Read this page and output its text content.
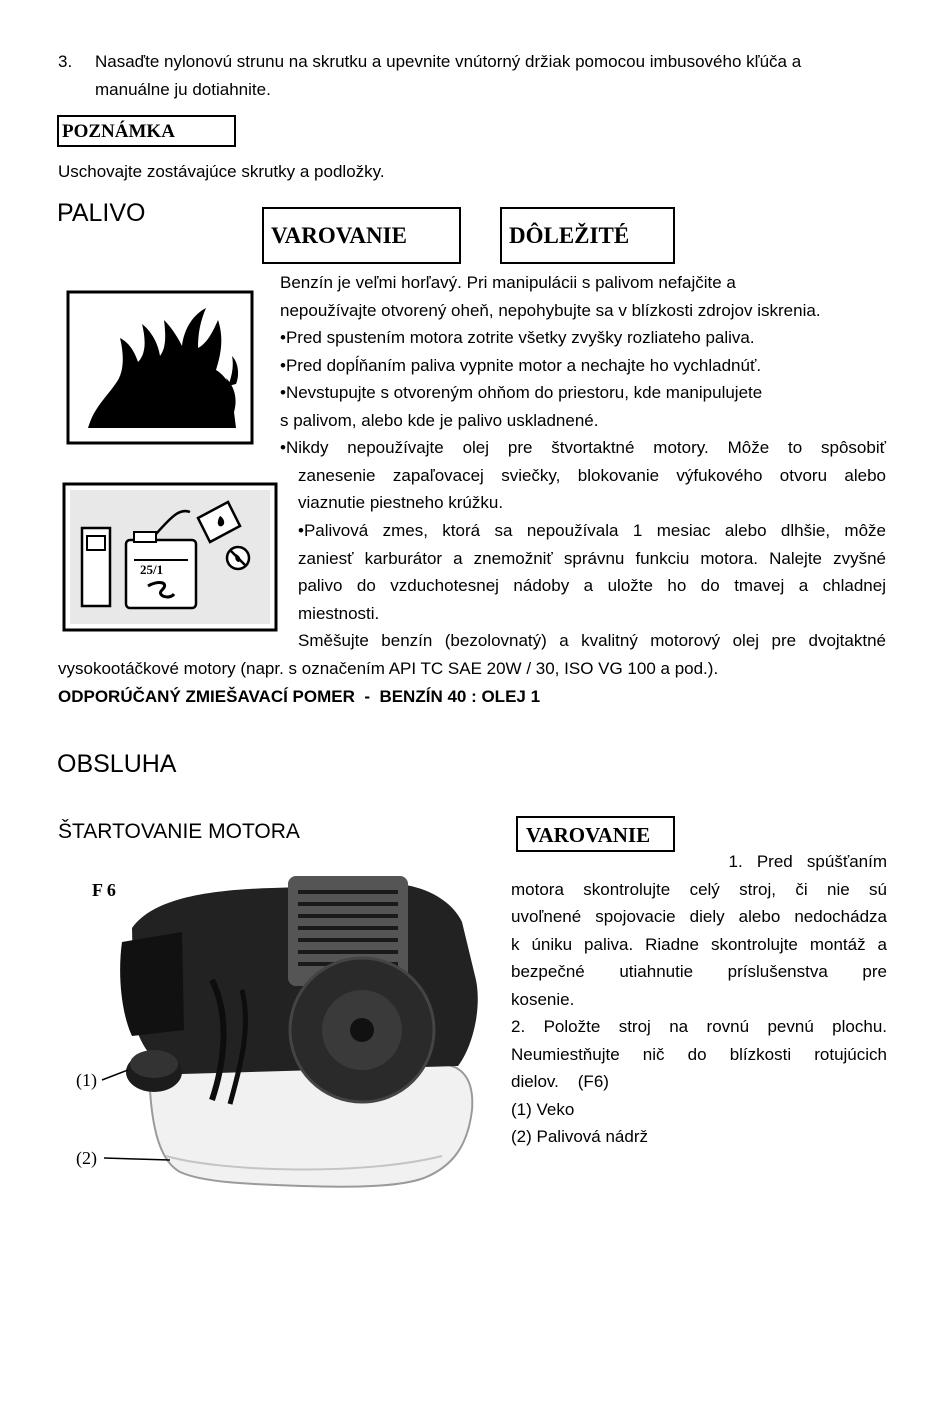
3. Nasaďte nylonovú strunu na skrutku a upevnite vnútorný držiak pomocou imbusového kľúča a
manuálne ju dotiahnite.
POZNÁMKA
Uschovajte zostávajúce skrutky a podložky.
PALIVO
VAROVANIE	DÔLEŽITÉ
25/1
Benzín je veľmi horľavý. Pri manipulácii s palivom nefajčite a
nepoužívajte otvorený oheň, nepohybujte sa v blízkosti zdrojov iskrenia.
•Pred spustením motora zotrite všetky zvyšky rozliateho paliva.
•Pred dopĺňaním paliva vypnite motor a nechajte ho vychladnúť.
•Nevstupujte s otvoreným ohňom do priestoru, kde manipulujete
s palivom, alebo kde je palivo uskladnené.
•Nikdy nepoužívajte olej pre štvortaktné motory. Môže to spôsobiť
zanesenie zapaľovacej sviečky, blokovanie výfukového otvoru alebo
viaznutie piestneho krúžku.
•Palivová zmes, ktorá sa nepoužívala 1 mesiac alebo dlhšie, môže
zaniesť karburátor a znemožniť správnu funkciu motora. Nalejte zvyšné
palivo do vzduchotesnej nádoby a uložte ho do tmavej a chladnej
miestnosti.
Směšujte benzín (bezolovnatý) a kvalitný motorový olej pre dvojtaktné
vysokootáčkové motory (napr. s označením API TC SAE 20W / 30, ISO VG 100 a pod.).
ODPORÚČANÝ ZMIEŠAVACÍ POMER  -  BENZÍN 40 : OLEJ 1
OBSLUHA
ŠTARTOVANIE MOTORA	VAROVANIE
F 6
(1)
(2)
1.   Pred   spúšťaním
motora skontrolujte celý stroj, či nie sú
uvoľnené spojovacie diely alebo nedochádza
k úniku paliva. Riadne skontrolujte montáž a
bezpečné utiahnutie príslušenstva pre
kosenie.
2. Položte stroj na rovnú pevnú plochu.
Neumiestňujte nič do blízkosti rotujúcich
dielov.    (F6)
(1) Veko
(2) Palivová nádrž
